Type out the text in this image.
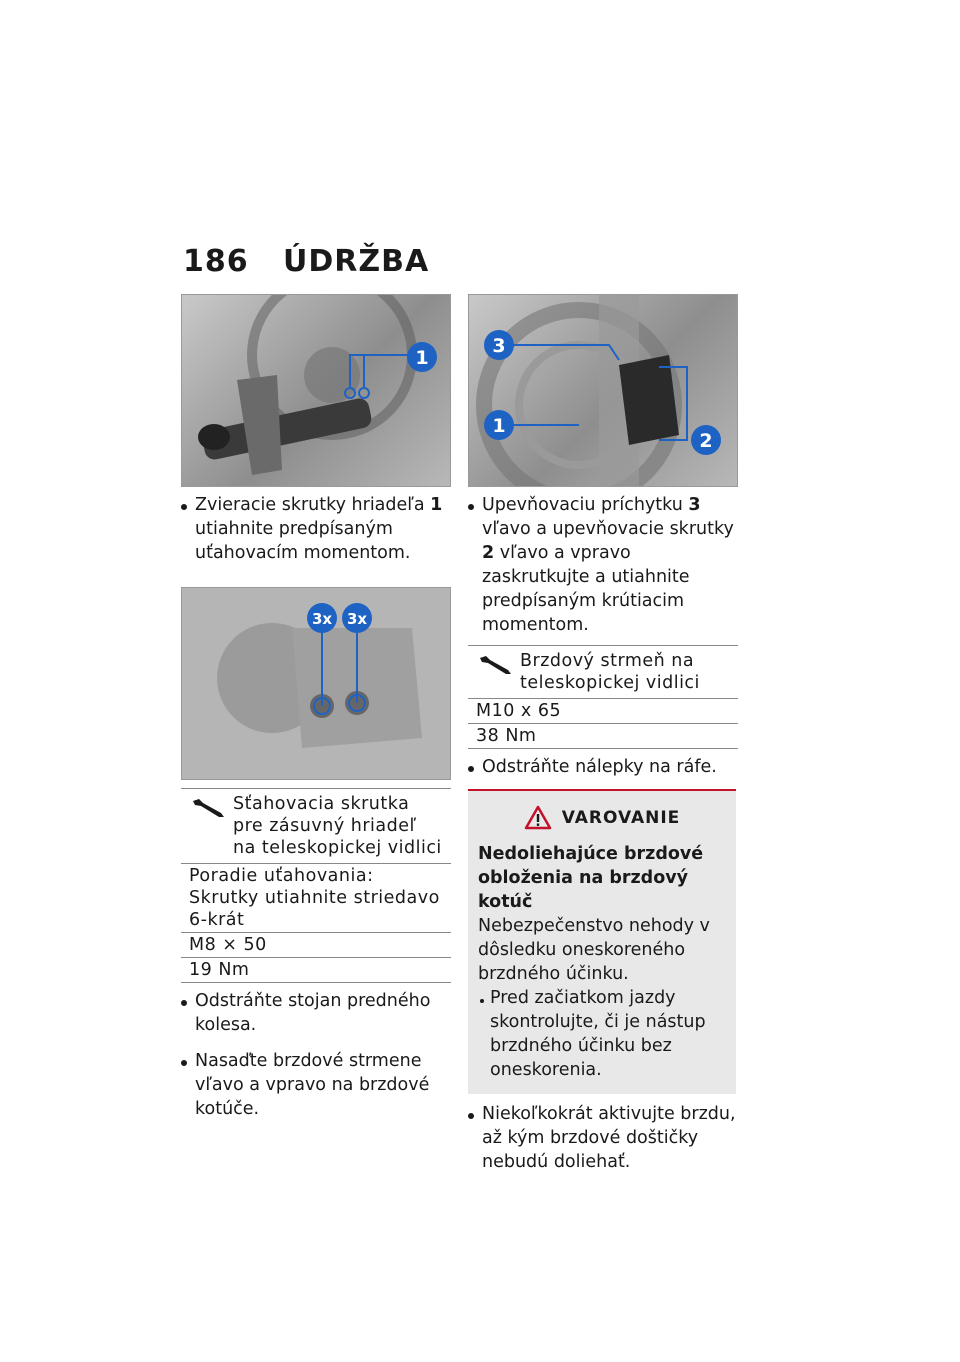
186 ÚDRŽBA
1
Zvieracie skrutky hriadeľa 1 utiahnite predpísaným uťahovacím momentom.
3x 3x
Sťahovacia skrutka pre zásuvný hriadeľ na teleskopickej vidlici
Poradie uťahovania: Skrutky utiahnite striedavo 6-krát
M8 × 50
19 Nm
Odstráňte stojan predného kolesa.
Nasaďte brzdové strmene vľavo a vpravo na brzdové kotúče.
3
1
2
Upevňovaciu príchytku 3 vľavo a upevňovacie skrutky 2 vľavo a vpravo zaskrutkujte a utiahnite predpísaným krútiacim momentom.
Brzdový strmeň na teleskopickej vidlici
M10 x 65
38 Nm
Odstráňte nálepky na ráfe.
VAROVANIE
Nedoliehajúce brzdové obloženia na brzdový kotúč
Nebezpečenstvo nehody v dôsledku oneskoreného brzdného účinku.
Pred začiatkom jazdy skontrolujte, či je nástup brzdného účinku bez oneskorenia.
Niekoľkokrát aktivujte brzdu, až kým brzdové doštičky nebudú doliehať.
